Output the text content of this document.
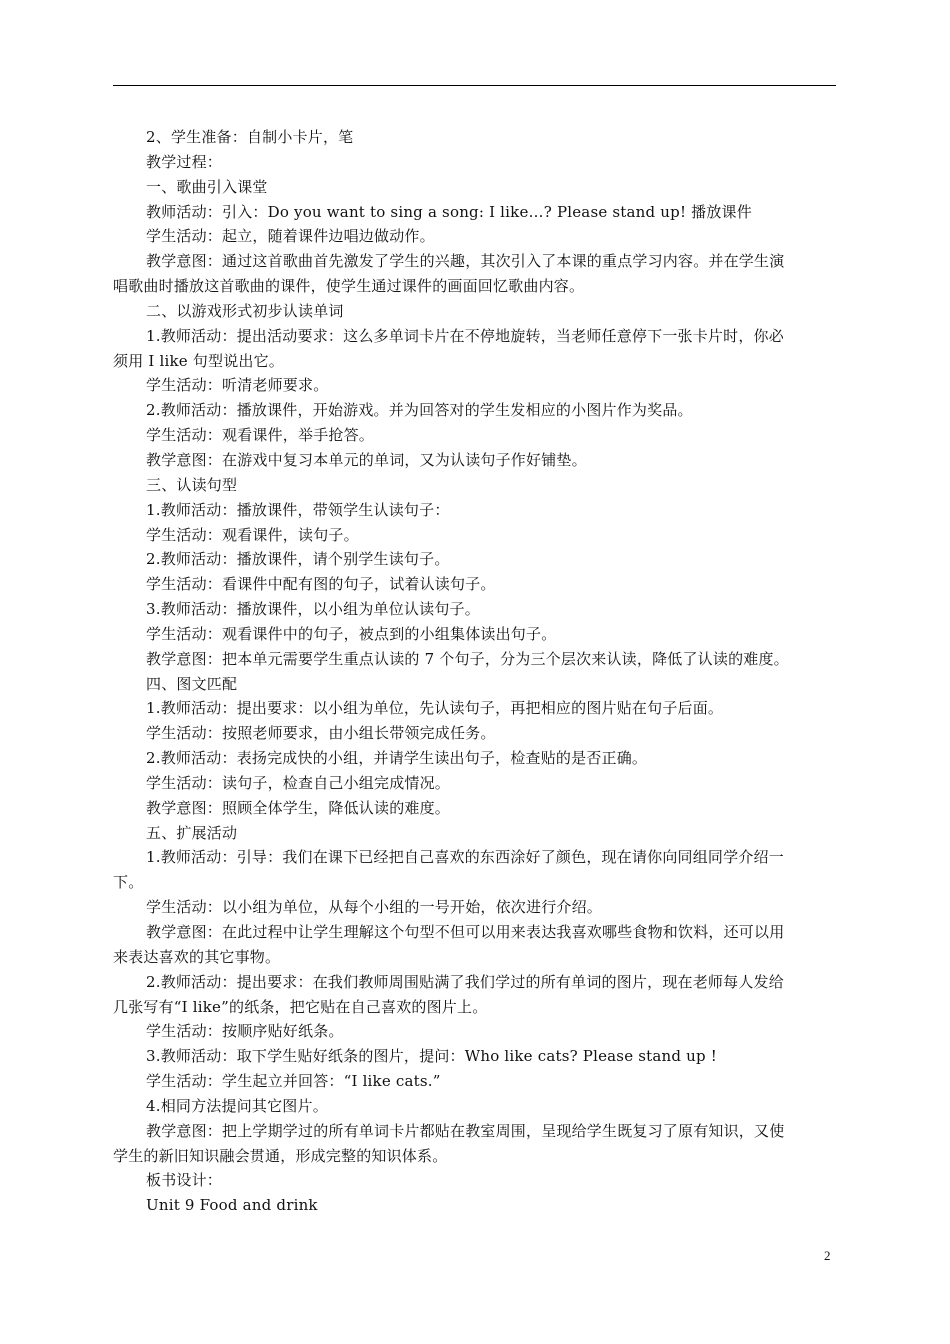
2、学生准备：自制小卡片，笔
教学过程：
一、歌曲引入课堂
教师活动：引入：Do you want to sing a song: I like…? Please stand up! 播放课件
学生活动：起立，随着课件边唱边做动作。
教学意图：通过这首歌曲首先激发了学生的兴趣，其次引入了本课的重点学习内容。并在学生演
唱歌曲时播放这首歌曲的课件，使学生通过课件的画面回忆歌曲内容。
二、以游戏形式初步认读单词
1.教师活动：提出活动要求：这么多单词卡片在不停地旋转，当老师任意停下一张卡片时，你必
须用 I like 句型说出它。
学生活动：听清老师要求。
2.教师活动：播放课件，开始游戏。并为回答对的学生发相应的小图片作为奖品。
学生活动：观看课件，举手抢答。
教学意图：在游戏中复习本单元的单词，又为认读句子作好铺垫。
三、认读句型
1.教师活动：播放课件，带领学生认读句子：
学生活动：观看课件，读句子。
2.教师活动：播放课件，请个别学生读句子。
学生活动：看课件中配有图的句子，试着认读句子。
3.教师活动：播放课件，以小组为单位认读句子。
学生活动：观看课件中的句子，被点到的小组集体读出句子。
教学意图：把本单元需要学生重点认读的 7 个句子，分为三个层次来认读，降低了认读的难度。
四、图文匹配
1.教师活动：提出要求：以小组为单位，先认读句子，再把相应的图片贴在句子后面。
学生活动：按照老师要求，由小组长带领完成任务。
2.教师活动：表扬完成快的小组，并请学生读出句子，检查贴的是否正确。
学生活动：读句子，检查自己小组完成情况。
教学意图：照顾全体学生，降低认读的难度。
五、扩展活动
1.教师活动：引导：我们在课下已经把自己喜欢的东西涂好了颜色，现在请你向同组同学介绍一
下。
学生活动：以小组为单位，从每个小组的一号开始，依次进行介绍。
教学意图：在此过程中让学生理解这个句型不但可以用来表达我喜欢哪些食物和饮料，还可以用
来表达喜欢的其它事物。
2.教师活动：提出要求：在我们教师周围贴满了我们学过的所有单词的图片，现在老师每人发给
几张写有“I like”的纸条，把它贴在自己喜欢的图片上。
学生活动：按顺序贴好纸条。
3.教师活动：取下学生贴好纸条的图片，提问：Who like cats? Please stand up !
学生活动：学生起立并回答：“I like cats.”
4.相同方法提问其它图片。
教学意图：把上学期学过的所有单词卡片都贴在教室周围，呈现给学生既复习了原有知识，又使
学生的新旧知识融会贯通，形成完整的知识体系。
板书设计：
Unit 9 Food and drink
2
